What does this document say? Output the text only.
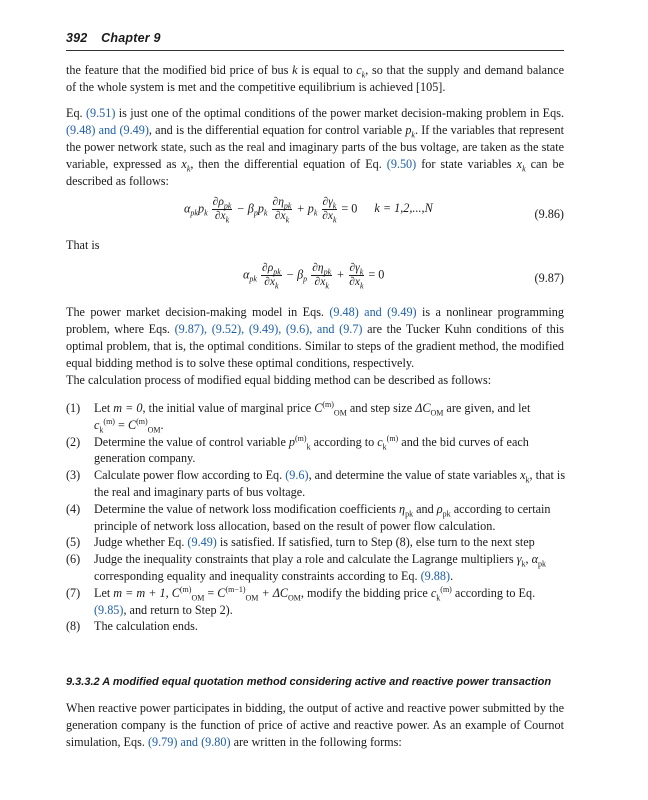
392 Chapter 9
the feature that the modified bid price of bus k is equal to $c_k$, so that the supply and demand balance of the whole system is met and the competitive equilibrium is achieved [105].
Eq. (9.51) is just one of the optimal conditions of the power market decision-making problem in Eqs. (9.48) and (9.49), and is the differential equation for control variable $p_k$. If the variables that represent the power network state, such as the real and imaginary parts of the bus voltage, are taken as the state variable, expressed as $x_k$, then the differential equation of Eq. (9.50) for state variables $x_k$ can be described as follows:
$\alpha_{pk}p_k \frac{\partial\rho_{pk}}{\partial x_k} - \beta_pp_k \frac{\partial\eta_{pk}}{\partial x_k} + p_k \frac{\partial\gamma_k}{\partial x_k} = 0$ k = 1,2,...,N	(9.86)
That is
$\alpha_{pk} \frac{\partial\rho_{pk}}{\partial x_k} - \beta_p \frac{\partial\eta_{pk}}{\partial x_k} + \frac{\partial\gamma_k}{\partial x_k} = 0$	(9.87)
The power market decision-making model in Eqs. (9.48) and (9.49) is a nonlinear programming problem, where Eqs. (9.87), (9.52), (9.49), (9.6), and (9.7) are the Tucker Kuhn conditions of this optimal problem, that is, the optimal conditions. Similar to steps of the gradient method, the modified equal bidding method is to solve these optimal conditions, respectively.
The calculation process of modified equal bidding method can be described as follows:
(1) Let m = 0, the initial value of marginal price $C^{(m)}_{OM}$ and step size $\Delta C_{OM}$ are given, and let
$c_k^{(m)} = C^{(m)}_{OM}$.
(2) Determine the value of control variable $p^{(m)}_k$ according to $c_k^{(m)}$ and the bid curves of each generation company.
(3) Calculate power flow according to Eq. (9.6), and determine the value of state variables $x_k$, that is the real and imaginary parts of bus voltage.
(4) Determine the value of network loss modification coefficients $\eta_{pk}$ and $\rho_{pk}$ according to certain principle of network loss allocation, based on the result of power flow calculation.
(5) Judge whether Eq. (9.49) is satisfied. If satisfied, turn to Step (8), else turn to the next step
(6) Judge the inequality constraints that play a role and calculate the Lagrange multipliers $\gamma_k$, $\alpha_{pk}$ corresponding equality and inequality constraints according to Eq. (9.88).
(7) Let m = m + 1, $C^{(m)}_{OM} = C^{(m-1)}_{OM} + \Delta C_{OM}$, modify the bidding price $c_k^{(m)}$ according to Eq. (9.85), and return to Step 2).
(8) The calculation ends.
9.3.3.2 A modified equal quotation method considering active and reactive power transaction
When reactive power participates in bidding, the output of active and reactive power submitted by the generation company is the function of price of active and reactive power. As an example of Cournot simulation, Eqs. (9.79) and (9.80) are written in the following forms:
